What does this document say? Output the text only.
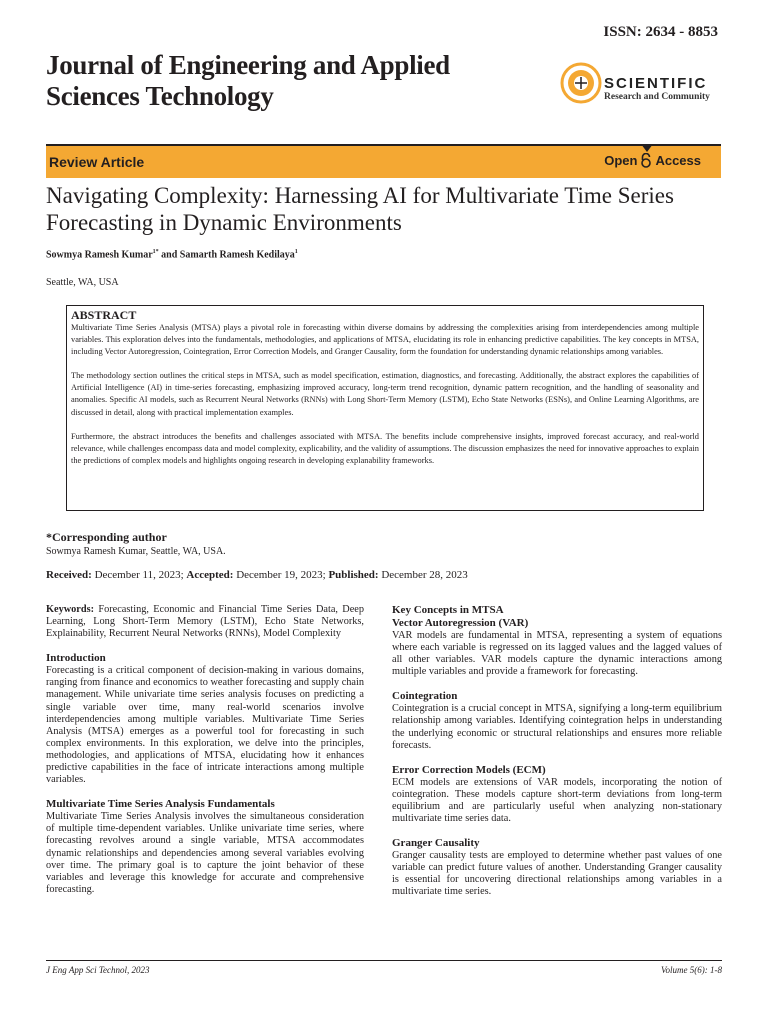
ISSN: 2634 - 8853
Journal of Engineering and Applied Sciences Technology	SCIENTIFIC
Research and Community
Review Article	Open Access
Navigating Complexity: Harnessing AI for Multivariate Time Series Forecasting in Dynamic Environments
Sowmya Ramesh Kumar$^{1*}$ and Samarth Ramesh Kedilaya$^1$
Seattle, WA, USA
ABSTRACT

Multivariate Time Series Analysis (MTSA) plays a pivotal role in forecasting within diverse domains by addressing the complexities arising from interdependencies among multiple variables. This exploration delves into the fundamentals, methodologies, and applications of MTSA, elucidating its role in enhancing predictive capabilities. The key concepts in MTSA, including Vector Autoregression, Cointegration, Error Correction Models, and Granger Causality, form the foundation for understanding dynamic relationships among variables.

The methodology section outlines the critical steps in MTSA, such as model specification, estimation, diagnostics, and forecasting. Additionally, the abstract explores the capabilities of Artificial Intelligence (AI) in time-series forecasting, emphasizing improved accuracy, long-term trend recognition, dynamic pattern recognition, and the handling of seasonality and anomalies. Specific AI models, such as Recurrent Neural Networks (RNNs) with Long Short-Term Memory (LSTM), Echo State Networks (ESNs), and Online Learning Algorithms, are discussed in detail, along with practical implementation examples.

Furthermore, the abstract introduces the benefits and challenges associated with MTSA. The benefits include comprehensive insights, improved forecast accuracy, and real-world relevance, while challenges encompass data and model complexity, explicability, and the validity of assumptions. The discussion emphasizes the need for innovative approaches to explain the predictions of complex models and highlights ongoing research in developing explanability frameworks.

*Corresponding author
Sowmya Ramesh Kumar, Seattle, WA, USA.
Received: December 11, 2023; Accepted: December 19, 2023; Published: December 28, 2023

Keywords: Forecasting, Economic and Financial Time Series Data, Deep Learning, Long Short-Term Memory (LSTM), Echo State Networks, Explainability, Recurrent Neural Networks (RNNs), Model Complexity

Introduction

Forecasting is a critical component of decision-making in various domains, ranging from finance and economics to weather forecasting and supply chain management. While univariate time series analysis focuses on predicting a single variable over time, many real-world scenarios involve interdependencies among multiple variables. Multivariate Time Series Analysis (MTSA) emerges as a powerful tool for forecasting in such complex environments. In this exploration, we delve into the principles, methodologies, and applications of MTSA, elucidating how it enhances predictive capabilities in the face of intricate interactions among multiple variables.

Multivariate Time Series Analysis Fundamentals

Multivariate Time Series Analysis involves the simultaneous consideration of multiple time-dependent variables. Unlike univariate time series, where forecasting revolves around a single variable, MTSA accommodates dynamic relationships and dependencies among several variables evolving over time. The primary goal is to capture the joint behavior of these variables and leverage this knowledge for accurate and comprehensive forecasting.

Key Concepts in MTSA
Vector Autoregression (VAR)

VAR models are fundamental in MTSA, representing a system of equations where each variable is regressed on its lagged values and the lagged values of all other variables. VAR models capture the dynamic interactions among multiple variables and provide a framework for forecasting.

Cointegration

Cointegration is a crucial concept in MTSA, signifying a long-term equilibrium relationship among variables. Identifying cointegration helps in understanding the underlying economic or structural relationships and ensures more reliable forecasts.

Error Correction Models (ECM)

ECM models are extensions of VAR models, incorporating the notion of cointegration. These models capture short-term deviations from long-term equilibrium and are particularly useful when analyzing non-stationary multivariate time series data.

Granger Causality

Granger causality tests are employed to determine whether past values of one variable can predict future values of another. Understanding Granger causality is essential for uncovering directional relationships among variables in a multivariate time series.

J Eng App Sci Technol, 2023	Volume 5(6): 1-8
